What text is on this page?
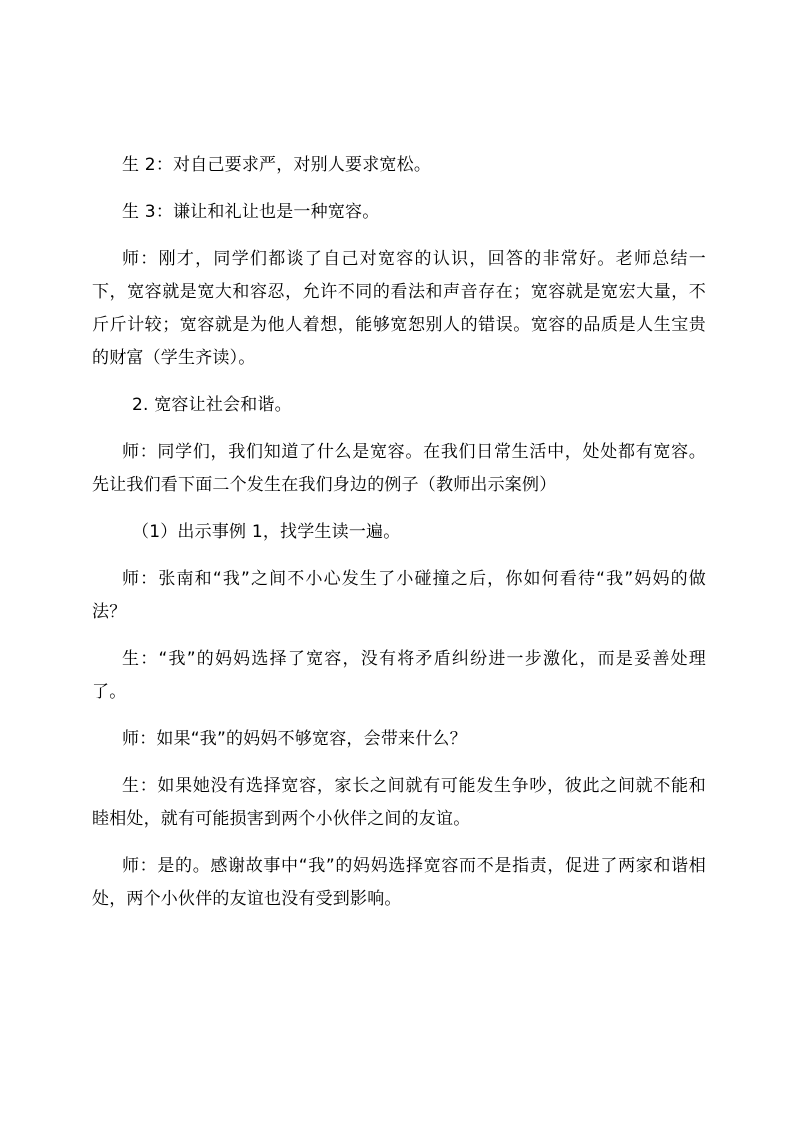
生 2：对自己要求严，对别人要求宽松。

生 3：谦让和礼让也是一种宽容。

师：刚才，同学们都谈了自己对宽容的认识，回答的非常好。老师总结一下，宽容就是宽大和容忍，允许不同的看法和声音存在；宽容就是宽宏大量，不斤斤计较；宽容就是为他人着想，能够宽恕别人的错误。宽容的品质是人生宝贵的财富（学生齐读）。

2. 宽容让社会和谐。

师：同学们，我们知道了什么是宽容。在我们日常生活中，处处都有宽容。先让我们看下面二个发生在我们身边的例子（教师出示案例）

（1）出示事例 1，找学生读一遍。

师：张南和“我”之间不小心发生了小碰撞之后，你如何看待“我”妈妈的做法？

生：“我”的妈妈选择了宽容，没有将矛盾纠纷进一步激化，而是妥善处理了。

师：如果“我”的妈妈不够宽容，会带来什么？

生：如果她没有选择宽容，家长之间就有可能发生争吵，彼此之间就不能和睦相处，就有可能损害到两个小伙伴之间的友谊。

师：是的。感谢故事中“我”的妈妈选择宽容而不是指责，促进了两家和谐相处，两个小伙伴的友谊也没有受到影响。
